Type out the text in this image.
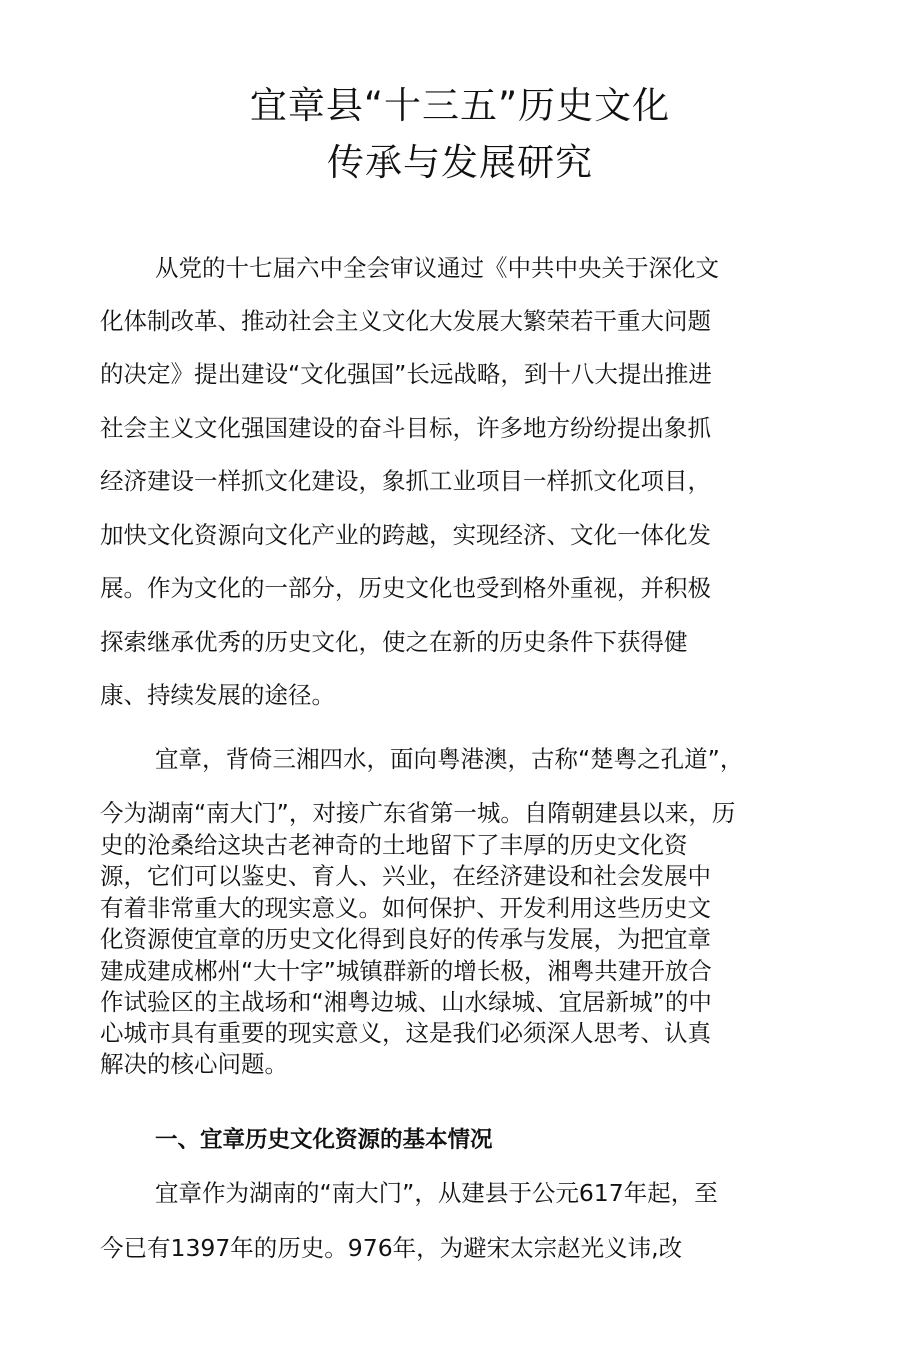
宜章县“十三五”历史文化
传承与发展研究
从党的十七届六中全会审议通过《中共中央关于深化文
化体制改革、推动社会主义文化大发展大繁荣若干重大问题
的决定》提出建设“文化强国”长远战略，到十八大提出推进
社会主义文化强国建设的奋斗目标，许多地方纷纷提出象抓
经济建设一样抓文化建设，象抓工业项目一样抓文化项目，
加快文化资源向文化产业的跨越，实现经济、文化一体化发
展。作为文化的一部分，历史文化也受到格外重视，并积极
探索继承优秀的历史文化，使之在新的历史条件下获得健
康、持续发展的途径。
宜章，背倚三湘四水，面向粤港澳，古称“楚粤之孔道”，
今为湖南“南大门”，对接广东省第一城。自隋朝建县以来，历
史的沧桑给这块古老神奇的土地留下了丰厚的历史文化资
源，它们可以鉴史、育人、兴业，在经济建设和社会发展中
有着非常重大的现实意义。如何保护、开发利用这些历史文
化资源使宜章的历史文化得到良好的传承与发展，为把宜章
建成建成郴州“大十字”城镇群新的增长极，湘粤共建开放合
作试验区的主战场和“湘粤边城、山水绿城、宜居新城”的中
心城市具有重要的现实意义，这是我们必须深人思考、认真
解决的核心问题。
一、宜章历史文化资源的基本情况
宜章作为湖南的“南大门”，从建县于公元617年起，至
今已有1397年的历史。976年，为避宋太宗赵光义讳,改
